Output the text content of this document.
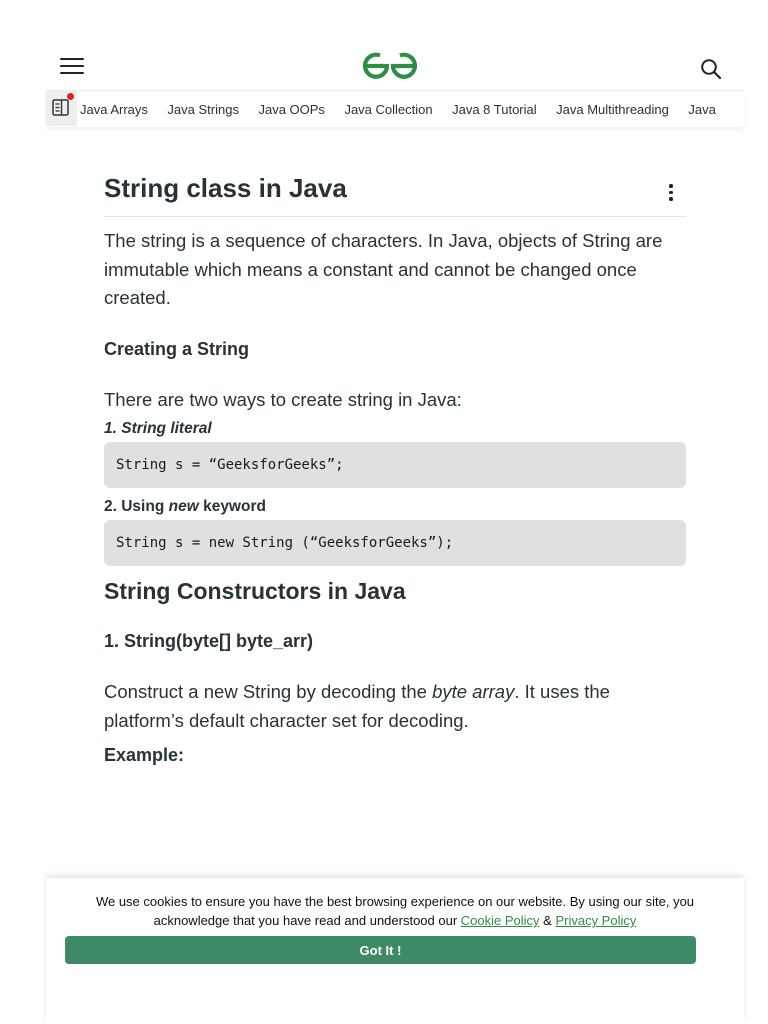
Java Arrays Java Strings Java OOPs Java Collection Java 8 Tutorial Java Multithreading Java
String class in Java

The string is a sequence of characters. In Java, objects of String are immutable which means a constant and cannot be changed once created.

Creating a String

There are two ways to create string in Java:

1. String literal
String s = “GeeksforGeeks”;
2. Using new keyword
String s = new String (“GeeksforGeeks”);
String Constructors in Java
1. String(byte[] byte_arr)

Construct a new String by decoding the byte array. It uses the platform’s default character set for decoding.

Example:
We use cookies to ensure you have the best browsing experience on our website. By using our site, you acknowledge that you have read and understood our Cookie Policy & Privacy Policy
Got It !
